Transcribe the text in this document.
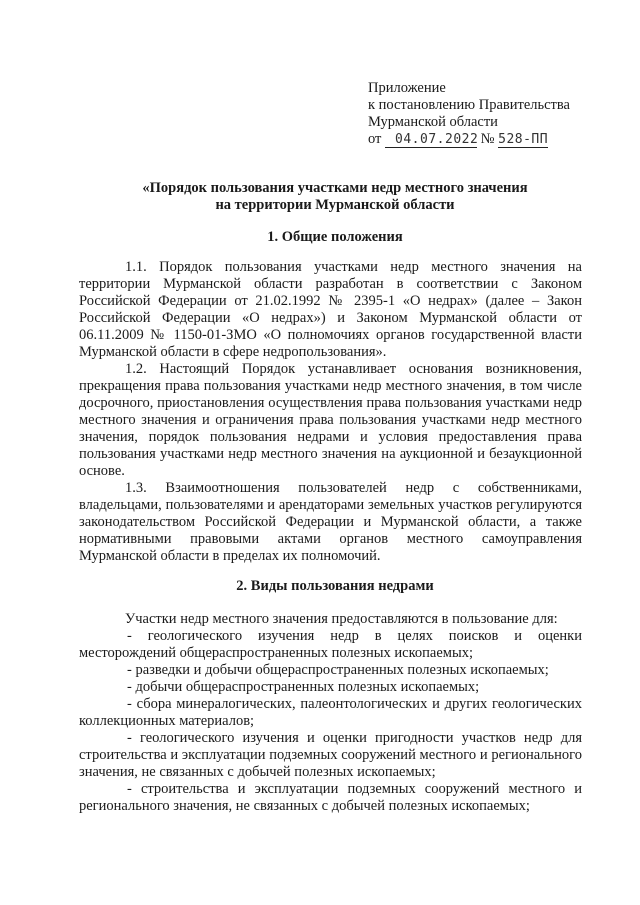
Приложение
к постановлению Правительства
Мурманской области
от 04.07.2022 № 528-ПП
«Порядок пользования участками недр местного значения
на территории Мурманской области
1. Общие положения

1.1. Порядок пользования участками недр местного значения на территории Мурманской области разработан в соответствии с Законом Российской Федерации от 21.02.1992 № 2395-1 «О недрах» (далее – Закон Российской Федерации «О недрах») и Законом Мурманской области от 06.11.2009 № 1150-01-ЗМО «О полномочиях органов государственной власти Мурманской области в сфере недропользования».

1.2. Настоящий Порядок устанавливает основания возникновения, прекращения права пользования участками недр местного значения, в том числе досрочного, приостановления осуществления права пользования участками недр местного значения и ограничения права пользования участками недр местного значения, порядок пользования недрами и условия предоставления права пользования участками недр местного значения на аукционной и безаукционной основе.

1.3. Взаимоотношения пользователей недр с собственниками, владельцами, пользователями и арендаторами земельных участков регулируются законодательством Российской Федерации и Мурманской области, а также нормативными правовыми актами органов местного самоуправления Мурманской области в пределах их полномочий.

2. Виды пользования недрами
Участки недр местного значения предоставляются в пользование для:
- геологического изучения недр в целях поисков и оценки месторождений общераспространенных полезных ископаемых;
- разведки и добычи общераспространенных полезных ископаемых;
- добычи общераспространенных полезных ископаемых;
- сбора минералогических, палеонтологических и других геологических коллекционных материалов;
- геологического изучения и оценки пригодности участков недр для строительства и эксплуатации подземных сооружений местного и регионального значения, не связанных с добычей полезных ископаемых;
- строительства и эксплуатации подземных сооружений местного и регионального значения, не связанных с добычей полезных ископаемых;
